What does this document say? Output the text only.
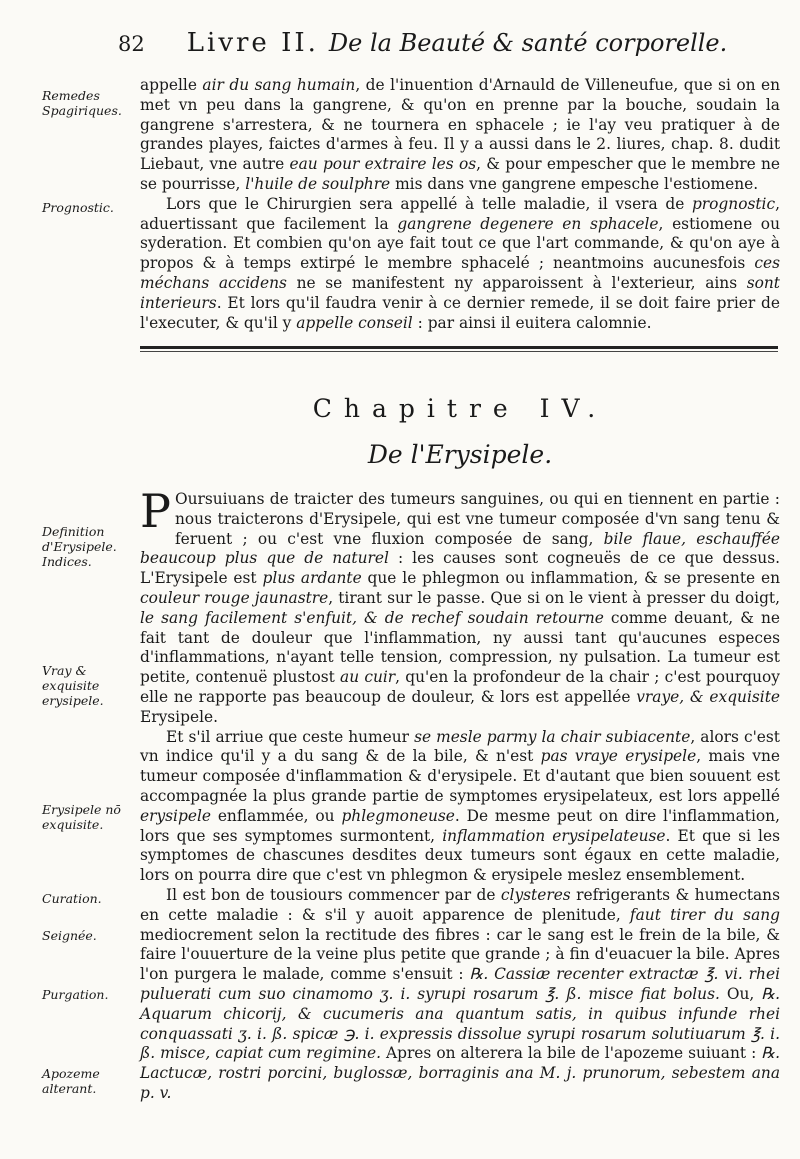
82 Livre II. De la Beauté & santé corporelle.
Remedes Spagiriques.
Prognostic.
Definition d'Erysipele. Indices.
Vray & exquisite erysipele.
Erysipele nō exquisite.
Curation.
Seignée.
Purgation.
Apozeme alterant.

appelle air du sang humain, de l'inuention d'Arnauld de Villeneufue, que si on en met vn peu dans la gangrene, & qu'on en prenne par la bouche, soudain la gangrene s'arrestera, & ne tournera en sphacele ; ie l'ay veu pratiquer à de grandes playes, faictes d'armes à feu. Il y a aussi dans le 2. liures, chap. 8. dudit Liebaut, vne autre eau pour extraire les os, & pour empescher que le membre ne se pourrisse, l'huile de soulphre mis dans vne gangrene empesche l'estiomene.

Lors que le Chirurgien sera appellé à telle maladie, il vsera de prognostic, aduertissant que facilement la gangrene degenere en sphacele, estiomene ou syderation. Et combien qu'on aye fait tout ce que l'art commande, & qu'on aye à propos & à temps extirpé le membre sphacelé ; neantmoins aucunesfois ces méchans accidens ne se manifestent ny apparoissent à l'exterieur, ains sont interieurs. Et lors qu'il faudra venir à ce dernier remede, il se doit faire prier de l'executer, & qu'il y appelle conseil : par ainsi il euitera calomnie.

Chapitre IV.
De l'Erysipele.

P Oursuiuans de traicter des tumeurs sanguines, ou qui en tiennent en partie : nous traicterons d'Erysipele, qui est vne tumeur composée d'vn sang tenu & feruent ; ou c'est vne fluxion composée de sang, bile flaue, eschauffée beaucoup plus que de naturel : les causes sont cogneuës de ce que dessus. L'Erysipele est plus ardante que le phlegmon ou inflammation, & se presente en couleur rouge jaunastre, tirant sur le passe. Que si on le vient à presser du doigt, le sang facilement s'enfuit, & de rechef soudain retourne comme deuant, & ne fait tant de douleur que l'inflammation, ny aussi tant qu'aucunes especes d'inflammations, n'ayant telle tension, compression, ny pulsation. La tumeur est petite, contenuë plustost au cuir, qu'en la profondeur de la chair ; c'est pourquoy elle ne rapporte pas beaucoup de douleur, & lors est appellée vraye, & exquisite Erysipele.

Et s'il arriue que ceste humeur se mesle parmy la chair subiacente, alors c'est vn indice qu'il y a du sang & de la bile, & n'est pas vraye erysipele, mais vne tumeur composée d'inflammation & d'erysipele. Et d'autant que bien souuent est accompagnée la plus grande partie de symptomes erysipelateux, est lors appellé erysipele enflammée, ou phlegmoneuse. De mesme peut on dire l'inflammation, lors que ses symptomes surmontent, inflammation erysipelateuse. Et que si les symptomes de chascunes desdites deux tumeurs sont égaux en cette maladie, lors on pourra dire que c'est vn phlegmon & erysipele meslez ensemblement.

Il est bon de tousiours commencer par de clysteres refrigerants & humectans en cette maladie : & s'il y auoit apparence de plenitude, faut tirer du sang mediocrement selon la rectitude des fibres : car le sang est le frein de la bile, & faire l'ouuerture de la veine plus petite que grande ; à fin d'euacuer la bile. Apres l'on purgera le malade, comme s'ensuit : ℞. Cassiæ recenter extractæ ℥. vi. rhei puluerati cum suo cinamomo ʒ. i. syrupi rosarum ℥. ß. misce fiat bolus. Ou, ℞. Aquarum chicorij, & cucumeris ana quantum satis, in quibus infunde rhei conquassati ʒ. i. ß. spicæ ℈. i. expressis dissolue syrupi rosarum solutiuarum ℥. i. ß. misce, capiat cum regimine. Apres on alterera la bile de l'apozeme suiuant : ℞. Lactucæ, rostri porcini, buglossæ, borraginis ana M. j. prunorum, sebestem ana p. v.
